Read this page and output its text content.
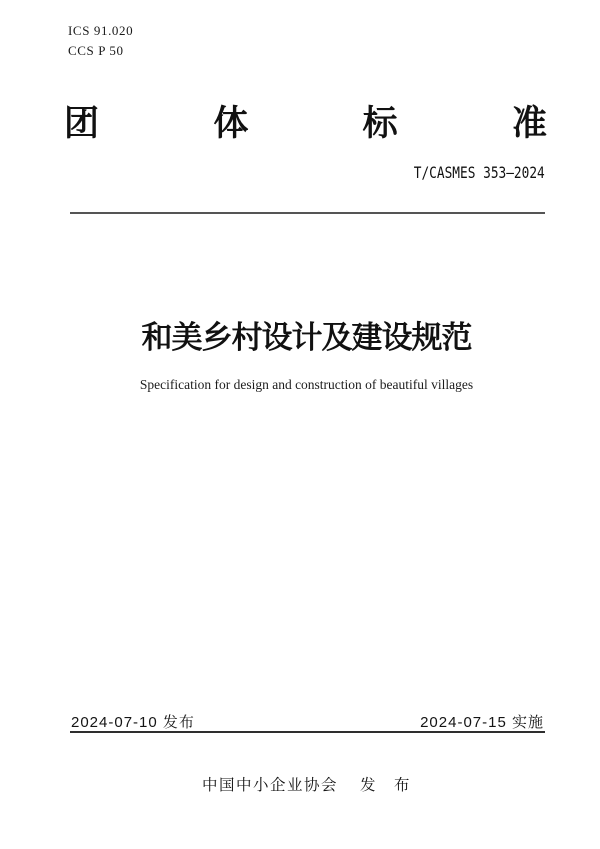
ICS 91.020
CCS P 50
团	体	标	准
T/CASMES 353—2024
和美乡村设计及建设规范
Specification for design and construction of beautiful villages
2024-07-10 发布	2024-07-15 实施
中国中小企业协会 发　布
